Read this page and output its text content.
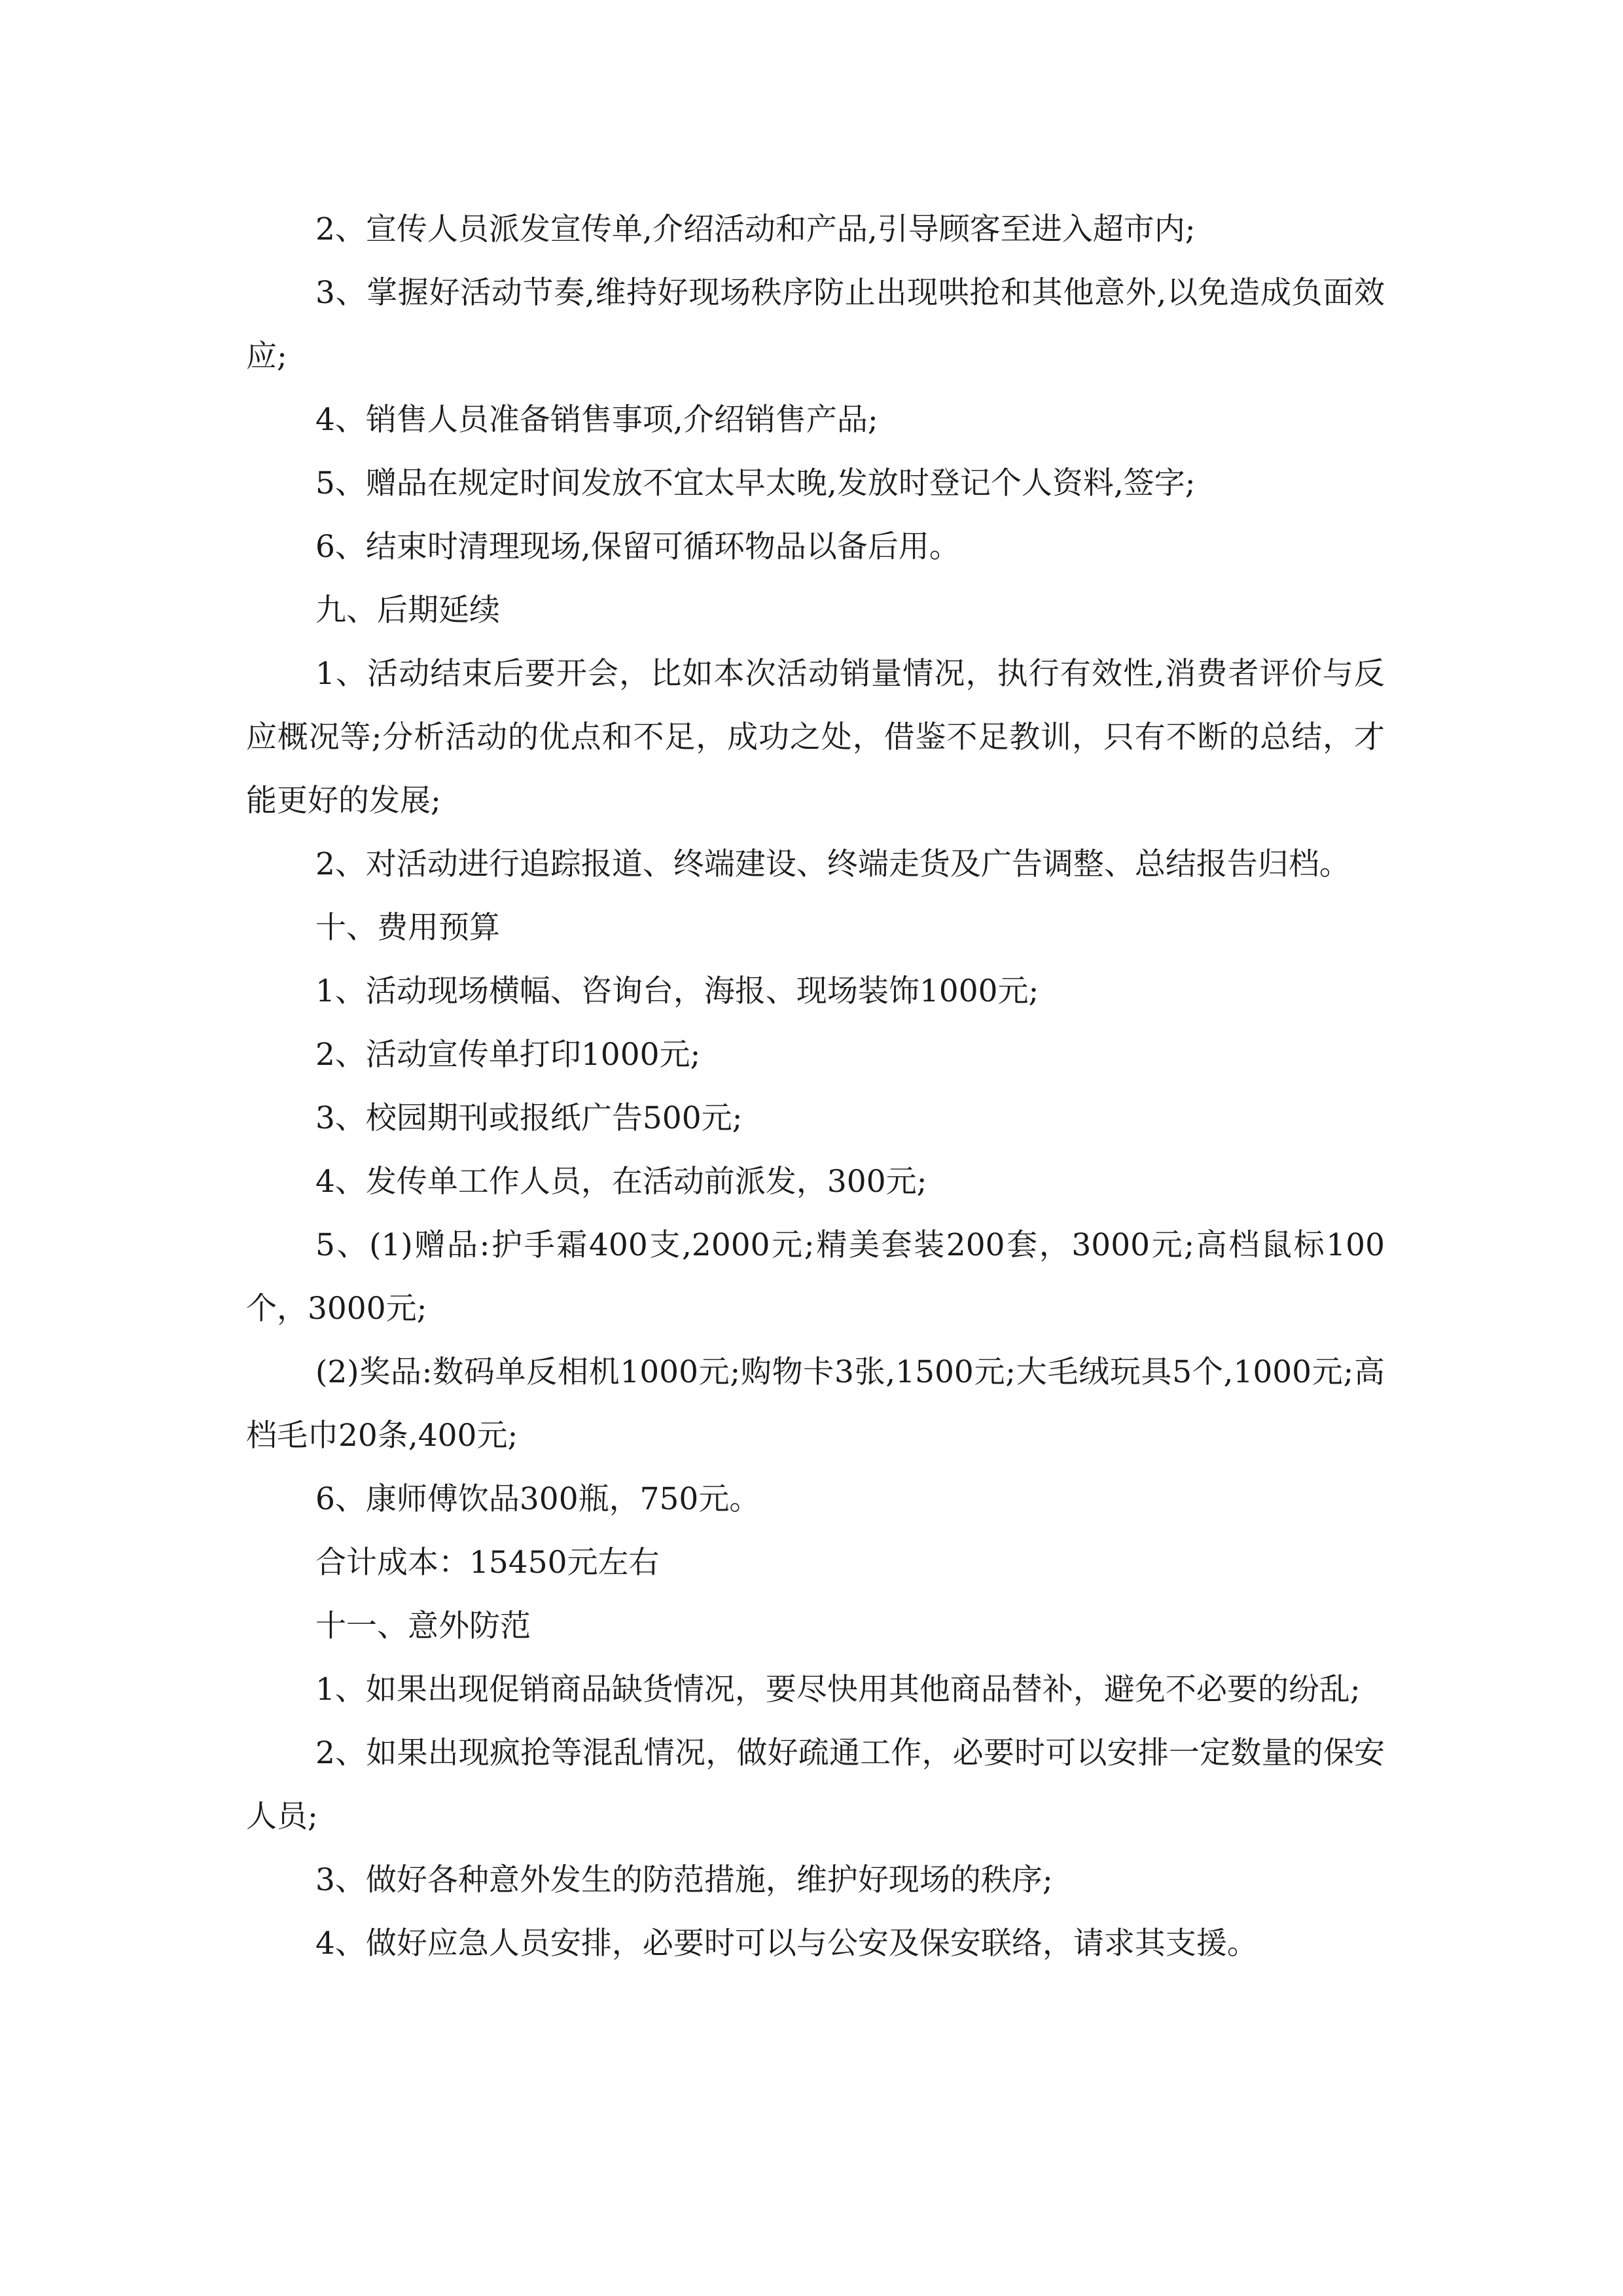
2、宣传人员派发宣传单,介绍活动和产品,引导顾客至进入超市内;

3、掌握好活动节奏,维持好现场秩序防止出现哄抢和其他意外,以免造成负面效应;

4、销售人员准备销售事项,介绍销售产品;

5、赠品在规定时间发放不宜太早太晚,发放时登记个人资料,签字;

6、结束时清理现场,保留可循环物品以备后用。

九、后期延续

1、活动结束后要开会，比如本次活动销量情况，执行有效性,消费者评价与反应概况等;分析活动的优点和不足，成功之处，借鉴不足教训，只有不断的总结，才能更好的发展;

2、对活动进行追踪报道、终端建设、终端走货及广告调整、总结报告归档。

十、费用预算

1、活动现场横幅、咨询台，海报、现场装饰1000元;

2、活动宣传单打印1000元;

3、校园期刊或报纸广告500元;

4、发传单工作人员，在活动前派发，300元;

5、(1)赠品:护手霜400支,2000元;精美套装200套，3000元;高档鼠标100个，3000元;

(2)奖品:数码单反相机1000元;购物卡3张,1500元;大毛绒玩具5个,1000元;高档毛巾20条,400元;

6、康师傅饮品300瓶，750元。

合计成本：15450元左右

十一、意外防范

1、如果出现促销商品缺货情况，要尽快用其他商品替补，避免不必要的纷乱;

2、如果出现疯抢等混乱情况，做好疏通工作，必要时可以安排一定数量的保安人员;

3、做好各种意外发生的防范措施，维护好现场的秩序;

4、做好应急人员安排，必要时可以与公安及保安联络，请求其支援。
